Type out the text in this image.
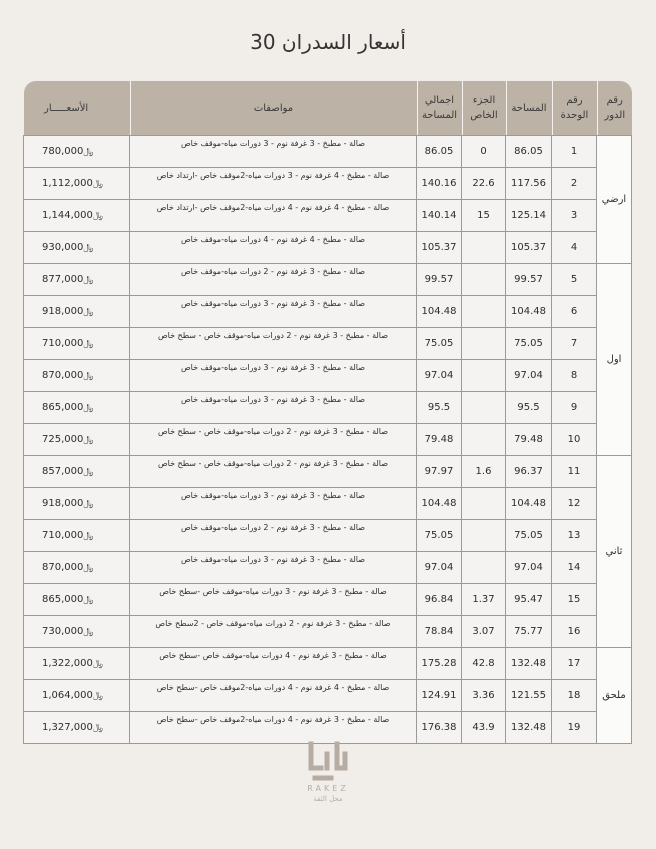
أسعار السدران 30
رقم الدور	رقم الوحدة	المساحة	الجزء الخاص	اجمالي المساحة	مواصفات	الأسعـــــار
ارضي	1	86.05	0	86.05	صالة - مطبخ - 3 غرفة نوم - 3 دورات مياه-موقف خاص	﷼780,000
	2	117.56	22.6	140.16	صالة - مطبخ - 4 غرفة نوم - 3 دورات مياه-2موقف خاص -ارتداد خاص	﷼1,112,000
	3	125.14	15	140.14	صالة - مطبخ - 4 غرفة نوم - 4 دورات مياه-2موقف خاص -ارتداد خاص	﷼1,144,000
	4	105.37		105.37	صالة - مطبخ - 4 غرفة نوم - 4 دورات مياه-موقف خاص	﷼930,000
اول	5	99.57		99.57	صالة - مطبخ - 3 غرفة نوم - 2 دورات مياه-موقف خاص	﷼877,000
	6	104.48		104.48	صالة - مطبخ - 3 غرفة نوم - 3 دورات مياه-موقف خاص	﷼918,000
	7	75.05		75.05	صالة - مطبخ - 3 غرفة نوم - 2 دورات مياه-موقف خاص - سطح خاص	﷼710,000
	8	97.04		97.04	صالة - مطبخ - 3 غرفة نوم - 3 دورات مياه-موقف خاص	﷼870,000
	9	95.5		95.5	صالة - مطبخ - 3 غرفة نوم - 3 دورات مياه-موقف خاص	﷼865,000
	10	79.48		79.48	صالة - مطبخ - 3 غرفة نوم - 2 دورات مياه-موقف خاص - سطح خاص	﷼725,000
ثاني	11	96.37	1.6	97.97	صالة - مطبخ - 3 غرفة نوم - 2 دورات مياه-موقف خاص - سطح خاص	﷼857,000
	12	104.48		104.48	صالة - مطبخ - 3 غرفة نوم - 3 دورات مياه-موقف خاص	﷼918,000
	13	75.05		75.05	صالة - مطبخ - 3 غرفة نوم - 2 دورات مياه-موقف خاص	﷼710,000
	14	97.04		97.04	صالة - مطبخ - 3 غرفة نوم - 3 دورات مياه-موقف خاص	﷼870,000
	15	95.47	1.37	96.84	صالة - مطبخ - 3 غرفة نوم - 3 دورات مياه-موقف خاص -سطح خاص	﷼865,000
	16	75.77	3.07	78.84	صالة - مطبخ - 3 غرفة نوم - 2 دورات مياه-موقف خاص - 2سطح خاص	﷼730,000
ملحق	17	132.48	42.8	175.28	صالة - مطبخ - 3 غرفة نوم - 4 دورات مياه-موقف خاص -سطح خاص	﷼1,322,000
	18	121.55	3.36	124.91	صالة - مطبخ - 4 غرفة نوم - 4 دورات مياه-2موقف خاص -سطح خاص	﷼1,064,000
	19	132.48	43.9	176.38	صالة - مطبخ - 3 غرفة نوم - 4 دورات مياه-2موقف خاص -سطح خاص	﷼1,327,000
RAKEZ
محل الثقة
